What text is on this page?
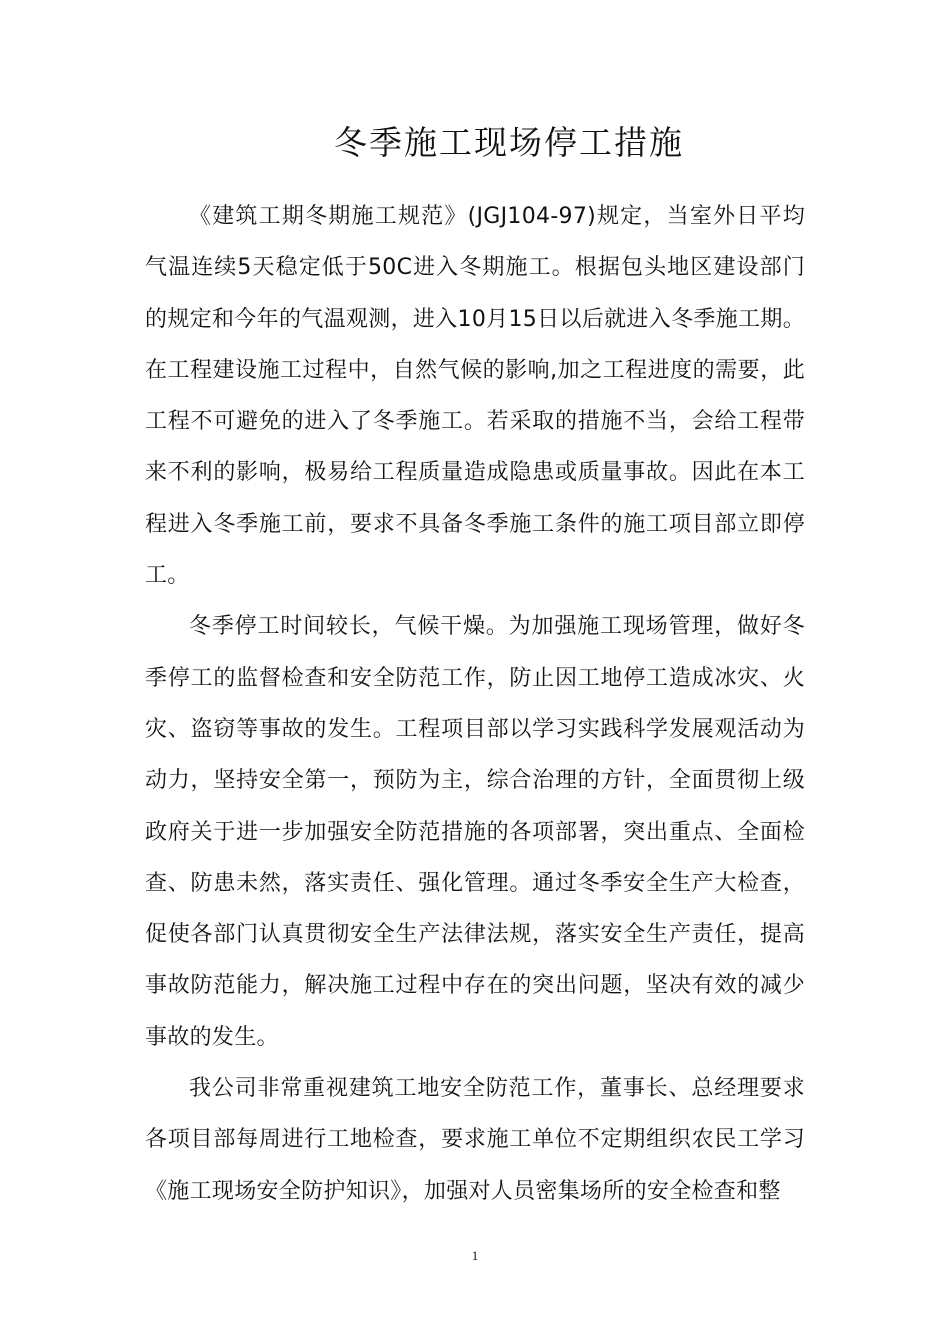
冬季施工现场停工措施

《建筑工期冬期施工规范》(JGJ104-97)规定，当室外日平均气温连续5天稳定低于50C进入冬期施工。根据包头地区建设部门的规定和今年的气温观测，进入10月15日以后就进入冬季施工期。在工程建设施工过程中，自然气候的影响,加之工程进度的需要，此工程不可避免的进入了冬季施工。若采取的措施不当，会给工程带来不利的影响，极易给工程质量造成隐患或质量事故。因此在本工程进入冬季施工前，要求不具备冬季施工条件的施工项目部立即停工。

冬季停工时间较长，气候干燥。为加强施工现场管理，做好冬季停工的监督检查和安全防范工作，防止因工地停工造成冰灾、火灾、盗窃等事故的发生。工程项目部以学习实践科学发展观活动为动力，坚持安全第一，预防为主，综合治理的方针，全面贯彻上级政府关于进一步加强安全防范措施的各项部署，突出重点、全面检查、防患未然，落实责任、强化管理。通过冬季安全生产大检查，促使各部门认真贯彻安全生产法律法规，落实安全生产责任，提高事故防范能力，解决施工过程中存在的突出问题，坚决有效的减少事故的发生。

我公司非常重视建筑工地安全防范工作，董事长、总经理要求各项目部每周进行工地检查，要求施工单位不定期组织农民工学习《施工现场安全防护知识》，加强对人员密集场所的安全检查和整

1
